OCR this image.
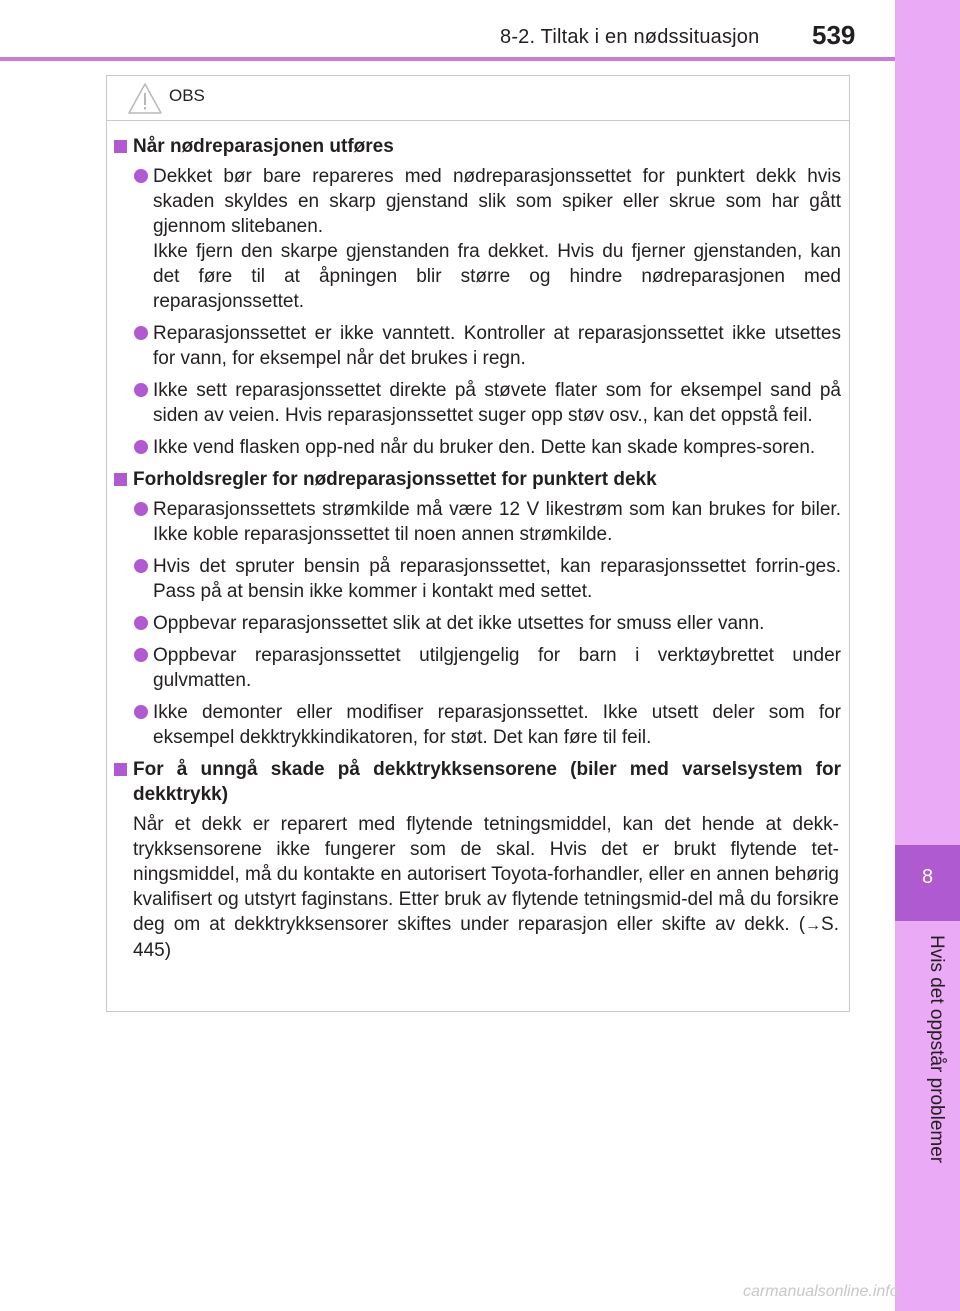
8-2. Tiltak i en nødssituasjon 539
8
Hvis det oppstår problemer
OBS
Når nødreparasjonen utføres
Dekket bør bare repareres med nødreparasjonssettet for punktert dekk hvis skaden skyldes en skarp gjenstand slik som spiker eller skrue som har gått gjennom slitebanen.
Ikke fjern den skarpe gjenstanden fra dekket. Hvis du fjerner gjenstanden, kan det føre til at åpningen blir større og hindre nødreparasjonen med reparasjonssettet.
Reparasjonssettet er ikke vanntett. Kontroller at reparasjonssettet ikke utsettes for vann, for eksempel når det brukes i regn.
Ikke sett reparasjonssettet direkte på støvete flater som for eksempel sand på siden av veien. Hvis reparasjonssettet suger opp støv osv., kan det oppstå feil.
Ikke vend flasken opp-ned når du bruker den. Dette kan skade kompres-soren.
Forholdsregler for nødreparasjonssettet for punktert dekk
Reparasjonssettets strømkilde må være 12 V likestrøm som kan brukes for biler. Ikke koble reparasjonssettet til noen annen strømkilde.
Hvis det spruter bensin på reparasjonssettet, kan reparasjonssettet forrin-ges. Pass på at bensin ikke kommer i kontakt med settet.
Oppbevar reparasjonssettet slik at det ikke utsettes for smuss eller vann.
Oppbevar reparasjonssettet utilgjengelig for barn i verktøybrettet under gulvmatten.
Ikke demonter eller modifiser reparasjonssettet. Ikke utsett deler som for eksempel dekktrykkindikatoren, for støt. Det kan føre til feil.
For å unngå skade på dekktrykksensorene (biler med varselsystem for dekktrykk)
Når et dekk er reparert med flytende tetningsmiddel, kan det hende at dekk-trykksensorene ikke fungerer som de skal. Hvis det er brukt flytende tet-ningsmiddel, må du kontakte en autorisert Toyota-forhandler, eller en annen behørig kvalifisert og utstyrt faginstans. Etter bruk av flytende tetningsmid-del må du forsikre deg om at dekktrykksensorer skiftes under reparasjon eller skifte av dekk. (→S. 445)
carmanualsonline.info
